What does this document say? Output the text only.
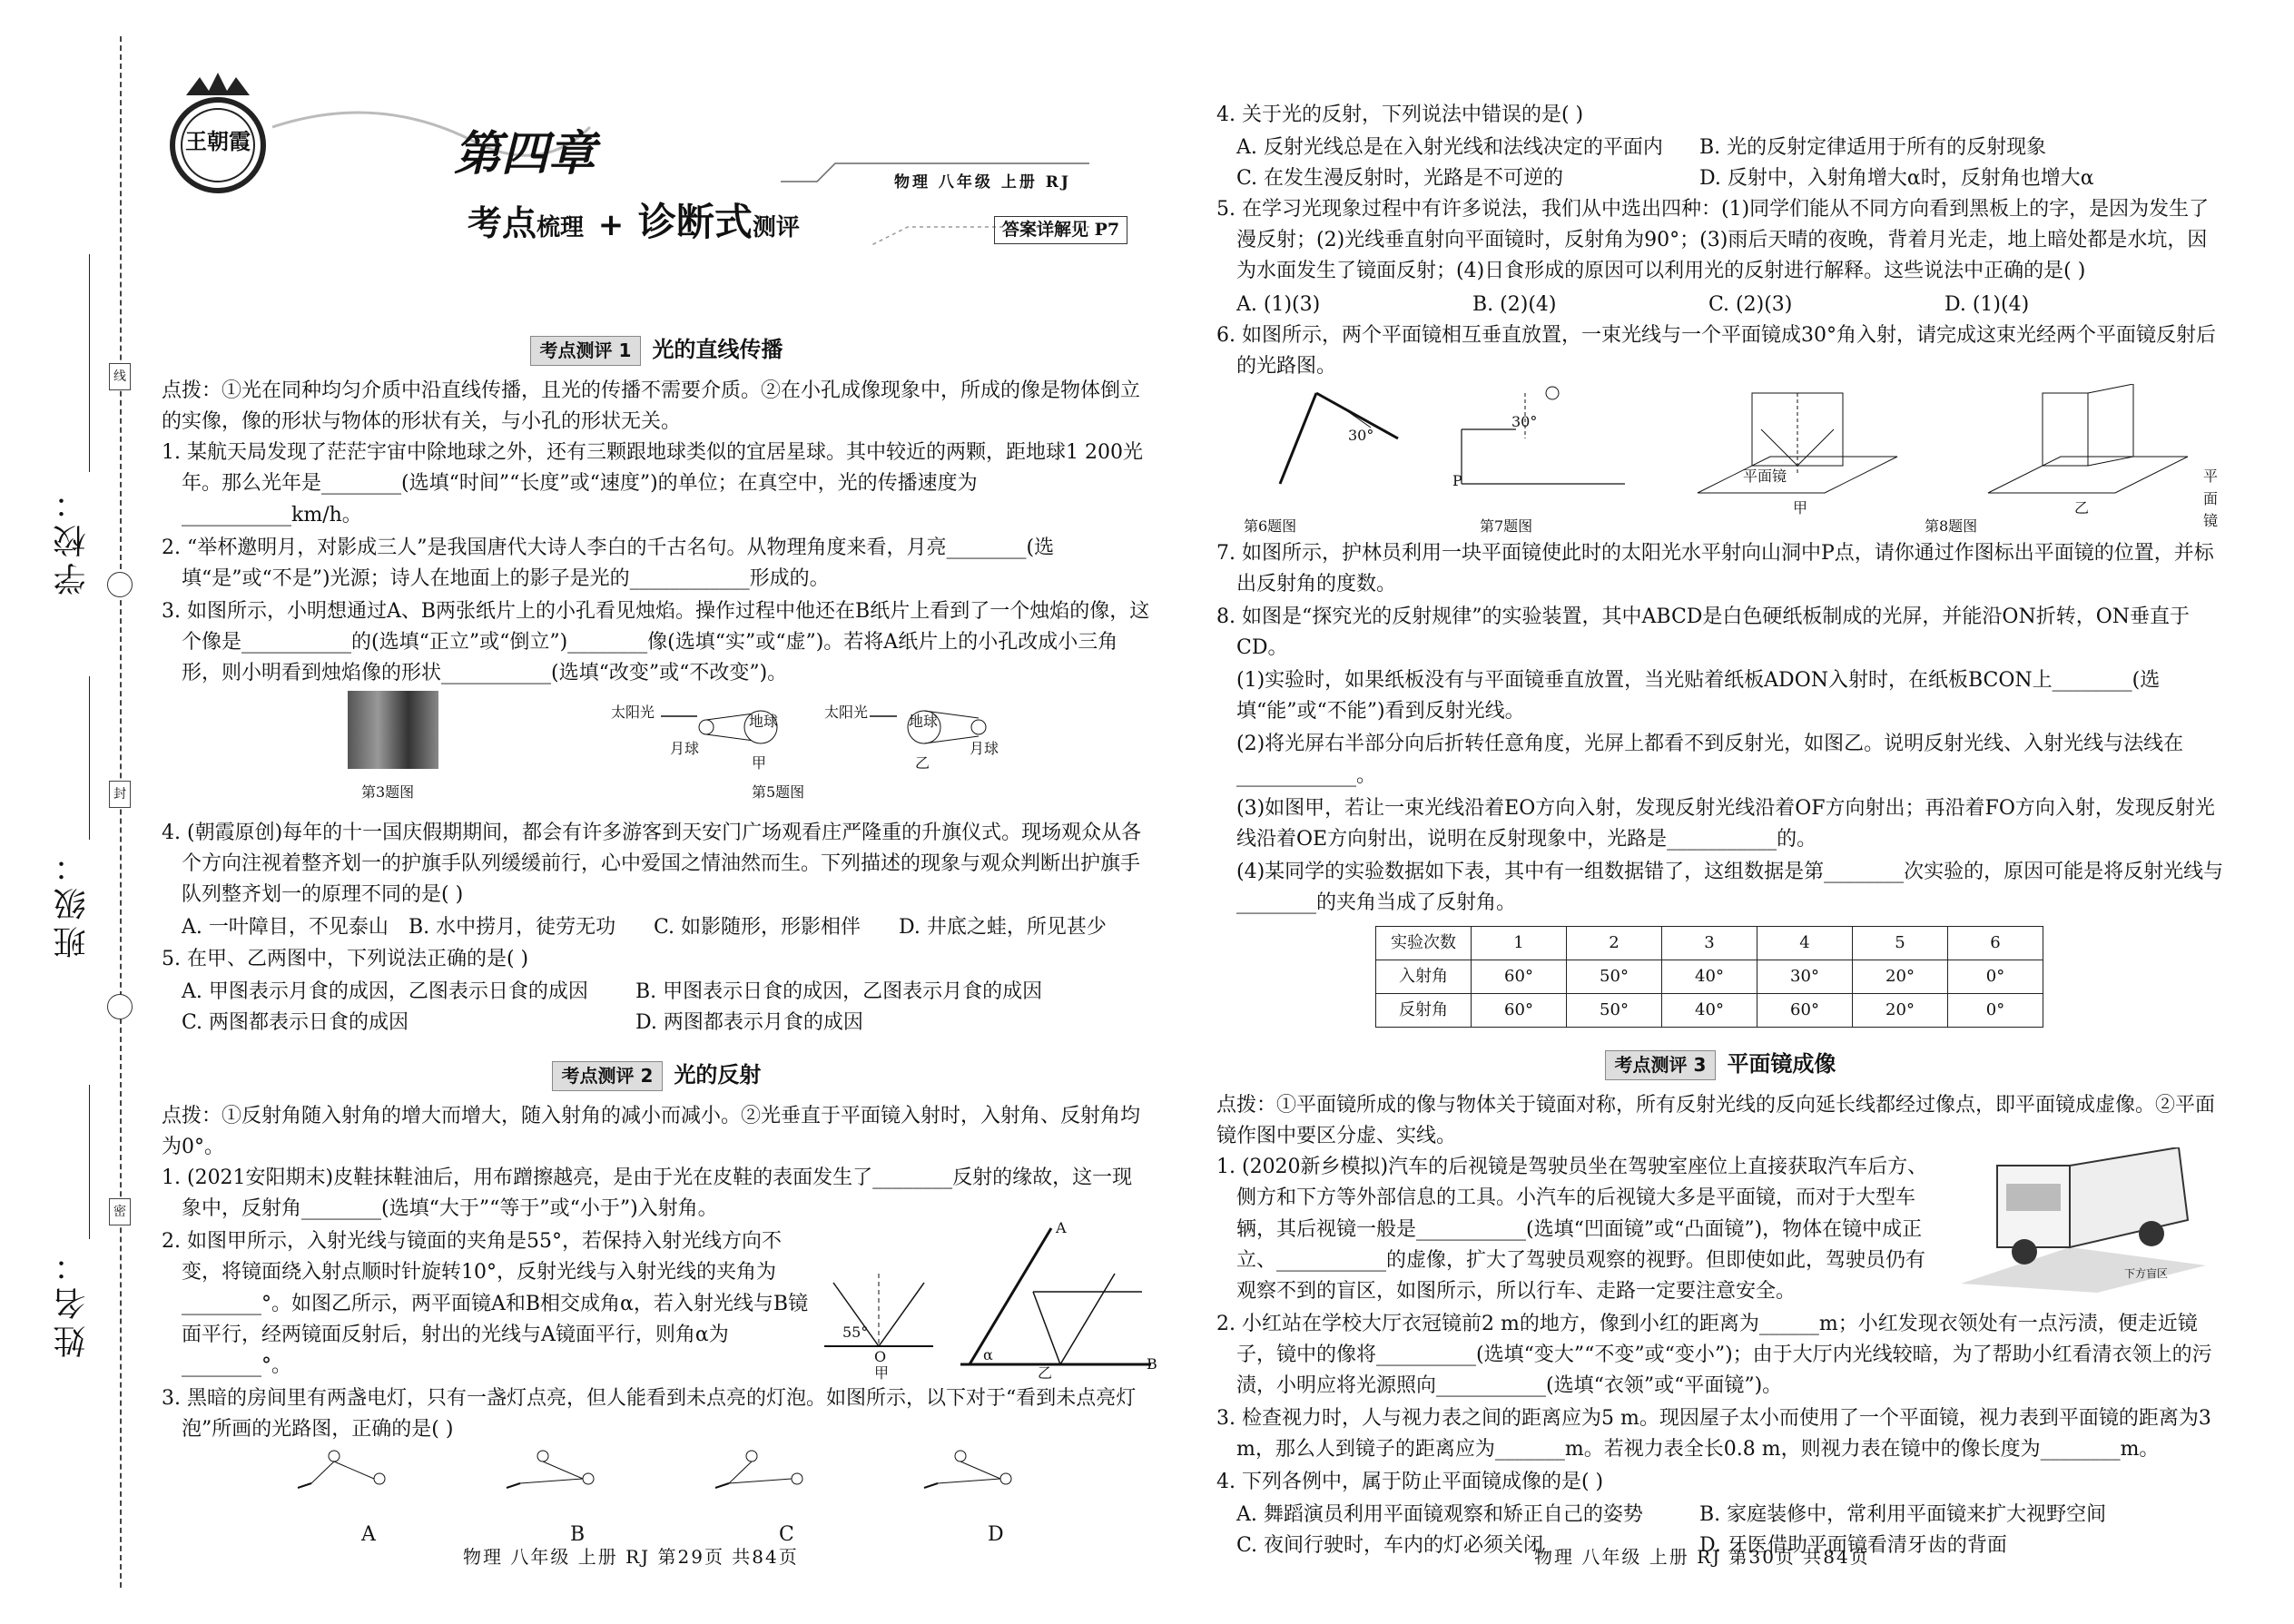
学校：
班级：
姓名：
线
封
密
王朝霞	第四章
考点梳理 + 诊断式测评
物理 八年级 上册 RJ
答案详解见 P7
考点测评 1 光的直线传播

点拨：①光在同种均匀介质中沿直线传播，且光的传播不需要介质。②在小孔成像现象中，所成的像是物体倒立的实像，像的形状与物体的形状有关，与小孔的形状无关。

1. 某航天局发现了茫茫宇宙中除地球之外，还有三颗跟地球类似的宜居星球。其中较近的两颗，距地球1 200光年。那么光年是________(选填“时间”“长度”或“速度”)的单位；在真空中，光的传播速度为___________km/h。

2. “举杯邀明月，对影成三人”是我国唐代大诗人李白的千古名句。从物理角度来看，月亮________(选填“是”或“不是”)光源；诗人在地面上的影子是光的____________形成的。

3. 如图所示，小明想通过A、B两张纸片上的小孔看见烛焰。操作过程中他还在B纸片上看到了一个烛焰的像，这个像是___________的(选填“正立”或“倒立”)________像(选填“实”或“虚”)。若将A纸片上的小孔改成小三角形，则小明看到烛焰像的形状___________(选填“改变”或“不改变”)。

第3题图
太阳光
地球
月球
甲
太阳光
地球
月球
乙
第5题图

4. (朝霞原创)每年的十一国庆假期期间，都会有许多游客到天安门广场观看庄严隆重的升旗仪式。现场观众从各个方向注视着整齐划一的护旗手队列缓缓前行，心中爱国之情油然而生。下列描述的现象与观众判断出护旗手队列整齐划一的原理不同的是( )

A. 一叶障目，不见泰山	B. 水中捞月，徒劳无功	C. 如影随形，形影相伴	D. 井底之蛙，所见甚少

5. 在甲、乙两图中，下列说法正确的是( )

A. 甲图表示月食的成因，乙图表示日食的成因	B. 甲图表示日食的成因，乙图表示月食的成因
C. 两图都表示日食的成因	D. 两图都表示月食的成因
考点测评 2 光的反射

点拨：①反射角随入射角的增大而增大，随入射角的减小而减小。②光垂直于平面镜入射时，入射角、反射角均为0°。

1. (2021安阳期末)皮鞋抹鞋油后，用布蹭擦越亮，是由于光在皮鞋的表面发生了________反射的缘故，这一现象中，反射角________(选填“大于”“等于”或“小于”)入射角。

2. 如图甲所示，入射光线与镜面的夹角是55°，若保持入射光线方向不变，将镜面绕入射点顺时针旋转10°，反射光线与入射光线的夹角为________°。如图乙所示，两平面镜A和B相交成角α，若入射光线与B镜面平行，经两镜面反射后，射出的光线与A镜面平行，则角α为________°。

55°
O
甲
A
B
α
乙

3. 黑暗的房间里有两盏电灯，只有一盏灯点亮，但人能看到未点亮的灯泡。如图所示，以下对于“看到未点亮灯泡”所画的光路图，正确的是( )

A	B	C	D
物理 八年级 上册 RJ 第29页 共84页

4. 关于光的反射，下列说法中错误的是( )

A. 反射光线总是在入射光线和法线决定的平面内	B. 光的反射定律适用于所有的反射现象
C. 在发生漫反射时，光路是不可逆的	D. 反射中，入射角增大α时，反射角也增大α

5. 在学习光现象过程中有许多说法，我们从中选出四种：(1)同学们能从不同方向看到黑板上的字，是因为发生了漫反射；(2)光线垂直射向平面镜时，反射角为90°；(3)雨后天晴的夜晚，背着月光走，地上暗处都是水坑，因为水面发生了镜面反射；(4)日食形成的原因可以利用光的反射进行解释。这些说法中正确的是( )

A. (1)(3)	B. (2)(4)	C. (2)(3)	D. (1)(4)

6. 如图所示，两个平面镜相互垂直放置，一束光线与一个平面镜成30°角入射，请完成这束光经两个平面镜反射后的光路图。

30°
30°
P	平面镜	平面镜
甲	乙
第6题图	第7题图	第8题图

7. 如图所示，护林员利用一块平面镜使此时的太阳光水平射向山洞中P点，请你通过作图标出平面镜的位置，并标出反射角的度数。

8. 如图是“探究光的反射规律”的实验装置，其中ABCD是白色硬纸板制成的光屏，并能沿ON折转，ON垂直于CD。

(1)实验时，如果纸板没有与平面镜垂直放置，当光贴着纸板ADON入射时，在纸板BCON上________(选填“能”或“不能”)看到反射光线。

(2)将光屏右半部分向后折转任意角度，光屏上都看不到反射光，如图乙。说明反射光线、入射光线与法线在____________。

(3)如图甲，若让一束光线沿着EO方向入射，发现反射光线沿着OF方向射出；再沿着FO方向入射，发现反射光线沿着OE方向射出，说明在反射现象中，光路是___________的。

(4)某同学的实验数据如下表，其中有一组数据错了，这组数据是第________次实验的，原因可能是将反射光线与________的夹角当成了反射角。

实验次数	1	2	3	4	5	6
入射角	60°	50°	40°	30°	20°	0°
反射角	60°	50°	40°	60°	20°	0°
考点测评 3 平面镜成像

点拨：①平面镜所成的像与物体关于镜面对称，所有反射光线的反向延长线都经过像点，即平面镜成虚像。②平面镜作图中要区分虚、实线。

1. (2020新乡模拟)汽车的后视镜是驾驶员坐在驾驶室座位上直接获取汽车后方、侧方和下方等外部信息的工具。小汽车的后视镜大多是平面镜，而对于大型车辆，其后视镜一般是___________(选填“凹面镜”或“凸面镜”)，物体在镜中成正立、___________的虚像，扩大了驾驶员观察的视野。但即使如此，驾驶员仍有观察不到的盲区，如图所示，所以行车、走路一定要注意安全。

下方盲区

2. 小红站在学校大厅衣冠镜前2 m的地方，像到小红的距离为______m；小红发现衣领处有一点污渍，便走近镜子，镜中的像将__________(选填“变大”“不变”或“变小”)；由于大厅内光线较暗，为了帮助小红看清衣领上的污渍，小明应将光源照向___________(选填“衣领”或“平面镜”)。

3. 检查视力时，人与视力表之间的距离应为5 m。现因屋子太小而使用了一个平面镜，视力表到平面镜的距离为3 m，那么人到镜子的距离应为_______m。若视力表全长0.8 m，则视力表在镜中的像长度为________m。

4. 下列各例中，属于防止平面镜成像的是( )

A. 舞蹈演员利用平面镜观察和矫正自己的姿势	B. 家庭装修中，常利用平面镜来扩大视野空间
C. 夜间行驶时，车内的灯必须关闭	D. 牙医借助平面镜看清牙齿的背面
物理 八年级 上册 RJ 第30页 共84页
